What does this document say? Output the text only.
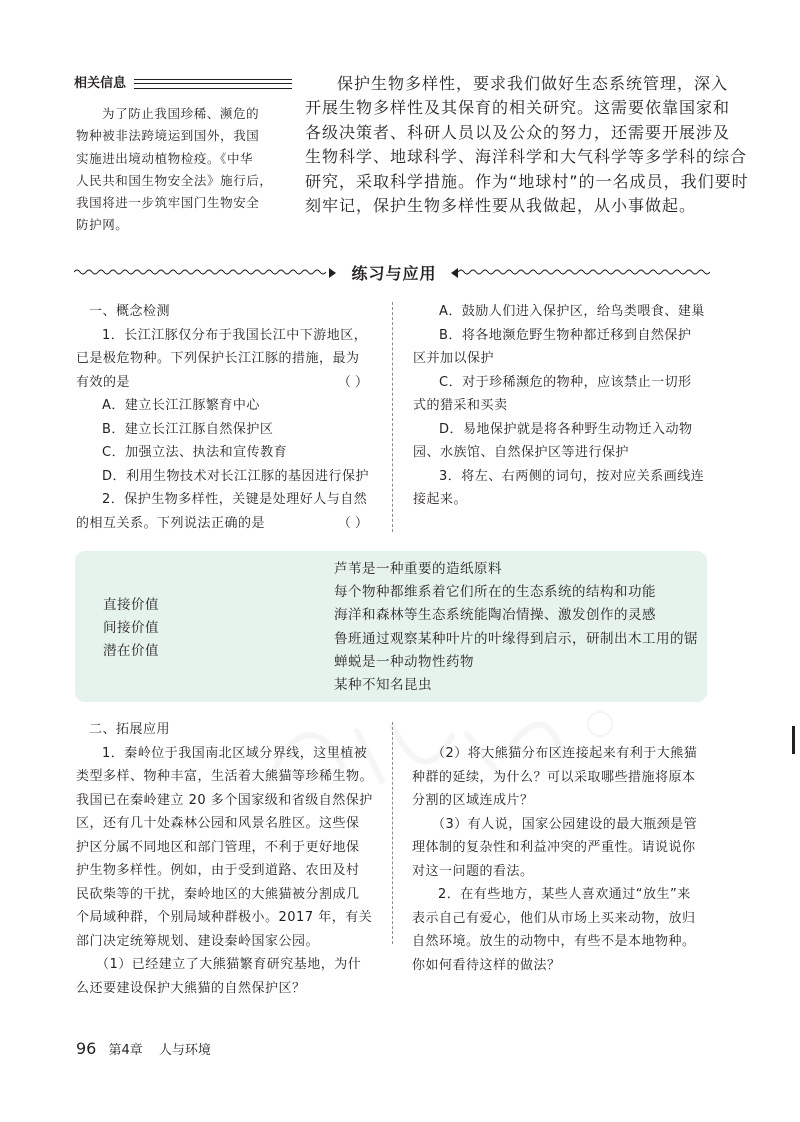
相关信息

为了防止我国珍稀、濒危的

物种被非法跨境运到国外，我国

实施进出境动植物检疫。《中华

人民共和国生物安全法》施行后，

我国将进一步筑牢国门生物安全

防护网。

保护生物多样性，要求我们做好生态系统管理，深入

开展生物多样性及其保育的相关研究。这需要依靠国家和

各级决策者、科研人员以及公众的努力，还需要开展涉及

生物科学、地球科学、海洋科学和大气科学等多学科的综合

研究，采取科学措施。作为“地球村”的一名成员，我们要时

刻牢记，保护生物多样性要从我做起，从小事做起。

练习与应用

一、概念检测

1．长江江豚仅分布于我国长江中下游地区，

已是极危物种。下列保护长江江豚的措施，最为

有效的是	（ ）

A．建立长江江豚繁育中心

B．建立长江江豚自然保护区

C．加强立法、执法和宣传教育

D．利用生物技术对长江江豚的基因进行保护

2．保护生物多样性，关键是处理好人与自然

的相互关系。下列说法正确的是	（ ）

A．鼓励人们进入保护区，给鸟类喂食、建巢

B．将各地濒危野生物种都迁移到自然保护

区并加以保护

C．对于珍稀濒危的物种，应该禁止一切形

式的猎采和买卖

D．易地保护就是将各种野生动物迁入动物

园、水族馆、自然保护区等进行保护

3．将左、右两侧的词句，按对应关系画线连

接起来。

直接价值
间接价值
潜在价值
芦苇是一种重要的造纸原料
每个物种都维系着它们所在的生态系统的结构和功能
海洋和森林等生态系统能陶冶情操、激发创作的灵感
鲁班通过观察某种叶片的叶缘得到启示，研制出木工用的锯
蝉蜕是一种动物性药物
某种不知名昆虫

二、拓展应用

1．秦岭位于我国南北区域分界线，这里植被

类型多样、物种丰富，生活着大熊猫等珍稀生物。

我国已在秦岭建立 20 多个国家级和省级自然保护

区，还有几十处森林公园和风景名胜区。这些保

护区分属不同地区和部门管理，不利于更好地保

护生物多样性。例如，由于受到道路、农田及村

民砍柴等的干扰，秦岭地区的大熊猫被分割成几

个局域种群，个别局域种群极小。2017 年，有关

部门决定统筹规划、建设秦岭国家公园。

（1）已经建立了大熊猫繁育研究基地，为什

么还要建设保护大熊猫的自然保护区？

（2）将大熊猫分布区连接起来有利于大熊猫

种群的延续，为什么？可以采取哪些措施将原本

分割的区域连成片？

（3）有人说，国家公园建设的最大瓶颈是管

理体制的复杂性和利益冲突的严重性。请说说你

对这一问题的看法。

2．在有些地方，某些人喜欢通过“放生”来

表示自己有爱心，他们从市场上买来动物，放归

自然环境。放生的动物中，有些不是本地物种。

你如何看待这样的做法？

96 第4章 人与环境
